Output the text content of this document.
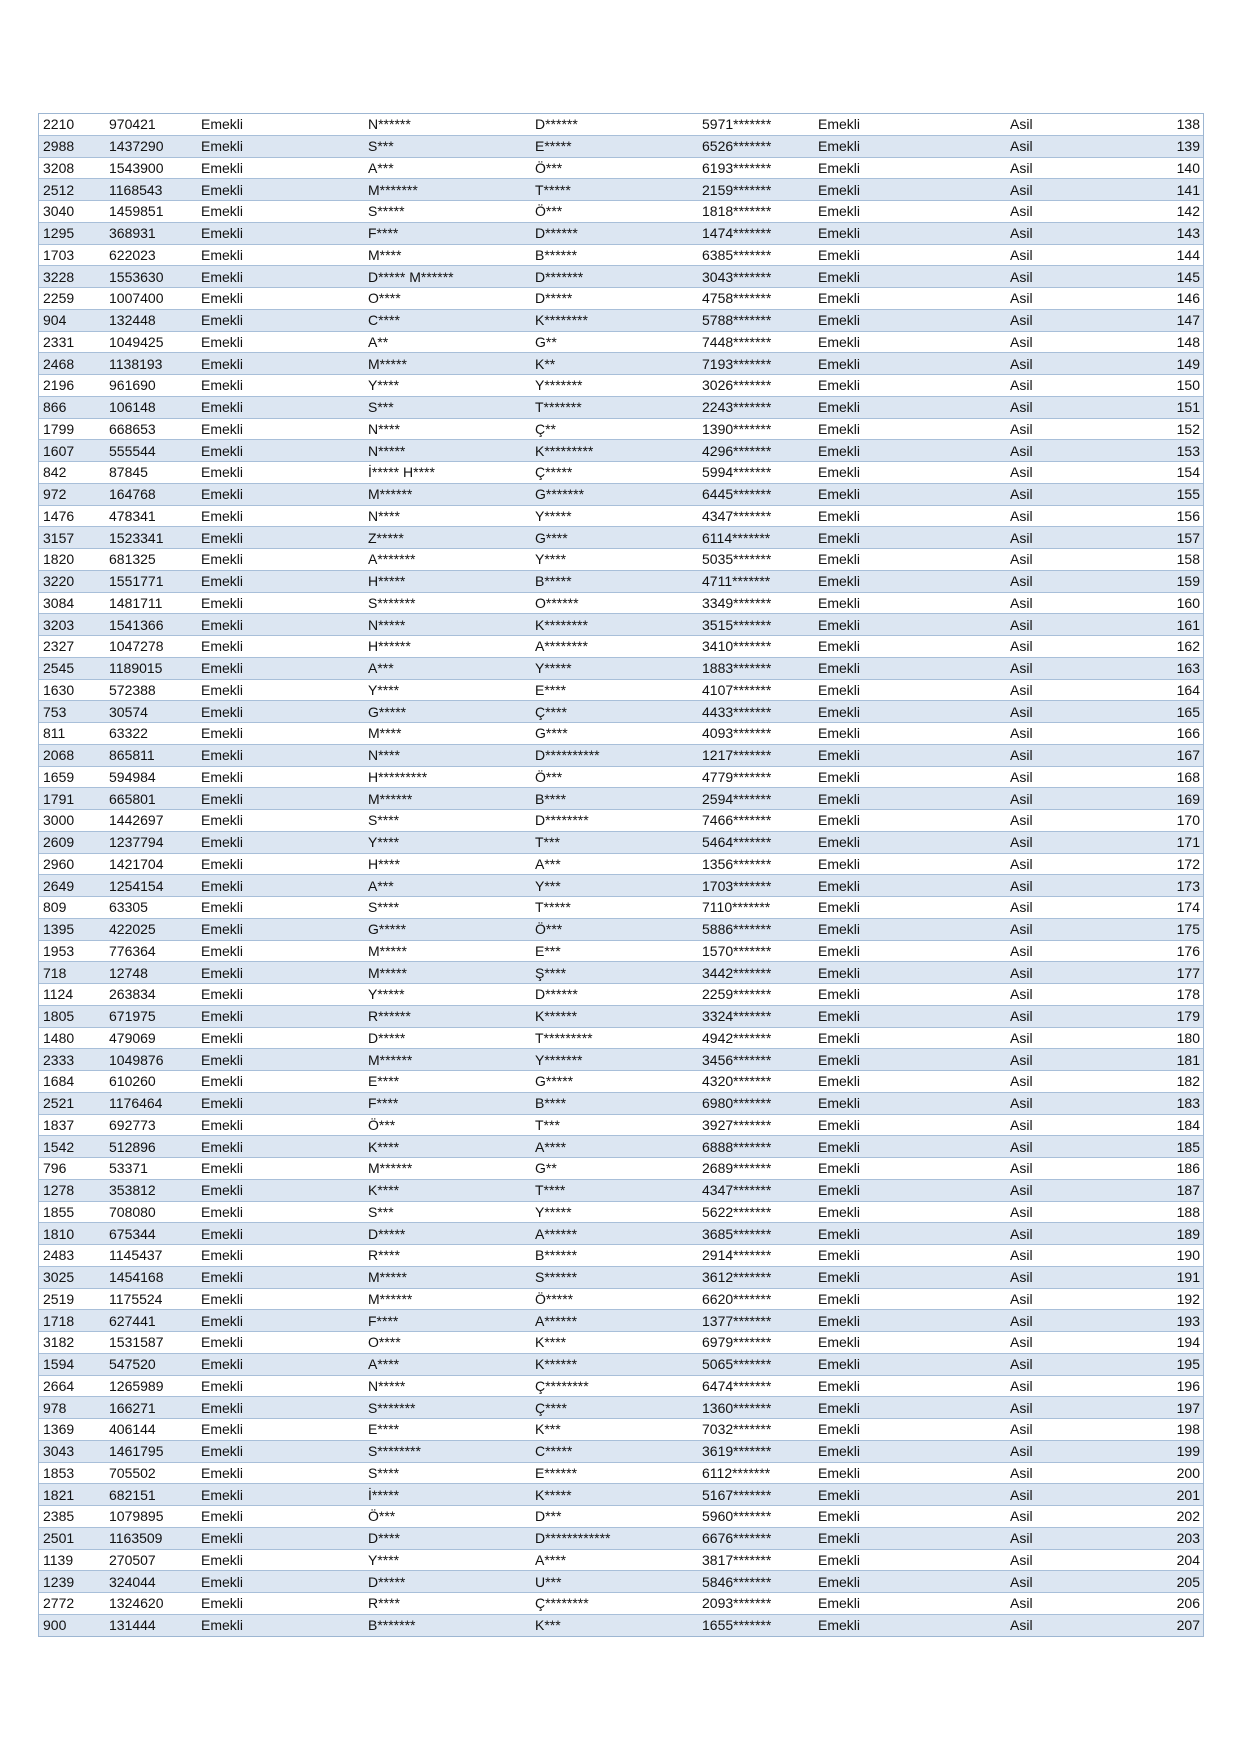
2210	970421	Emekli	N******	D******	5971*******	Emekli	Asil	138
2988	1437290	Emekli	S***	E*****	6526*******	Emekli	Asil	139
3208	1543900	Emekli	A***	Ö***	6193*******	Emekli	Asil	140
2512	1168543	Emekli	M*******	T*****	2159*******	Emekli	Asil	141
3040	1459851	Emekli	S*****	Ö***	1818*******	Emekli	Asil	142
1295	368931	Emekli	F****	D******	1474*******	Emekli	Asil	143
1703	622023	Emekli	M****	B******	6385*******	Emekli	Asil	144
3228	1553630	Emekli	D***** M******	D*******	3043*******	Emekli	Asil	145
2259	1007400	Emekli	O****	D*****	4758*******	Emekli	Asil	146
904	132448	Emekli	C****	K********	5788*******	Emekli	Asil	147
2331	1049425	Emekli	A**	G**	7448*******	Emekli	Asil	148
2468	1138193	Emekli	M*****	K**	7193*******	Emekli	Asil	149
2196	961690	Emekli	Y****	Y*******	3026*******	Emekli	Asil	150
866	106148	Emekli	S***	T*******	2243*******	Emekli	Asil	151
1799	668653	Emekli	N****	Ç**	1390*******	Emekli	Asil	152
1607	555544	Emekli	N*****	K*********	4296*******	Emekli	Asil	153
842	87845	Emekli	İ***** H****	Ç*****	5994*******	Emekli	Asil	154
972	164768	Emekli	M******	G*******	6445*******	Emekli	Asil	155
1476	478341	Emekli	N****	Y*****	4347*******	Emekli	Asil	156
3157	1523341	Emekli	Z*****	G****	6114*******	Emekli	Asil	157
1820	681325	Emekli	A*******	Y****	5035*******	Emekli	Asil	158
3220	1551771	Emekli	H*****	B*****	4711*******	Emekli	Asil	159
3084	1481711	Emekli	S*******	O******	3349*******	Emekli	Asil	160
3203	1541366	Emekli	N*****	K********	3515*******	Emekli	Asil	161
2327	1047278	Emekli	H******	A********	3410*******	Emekli	Asil	162
2545	1189015	Emekli	A***	Y*****	1883*******	Emekli	Asil	163
1630	572388	Emekli	Y****	E****	4107*******	Emekli	Asil	164
753	30574	Emekli	G*****	Ç****	4433*******	Emekli	Asil	165
811	63322	Emekli	M****	G****	4093*******	Emekli	Asil	166
2068	865811	Emekli	N****	D**********	1217*******	Emekli	Asil	167
1659	594984	Emekli	H*********	Ö***	4779*******	Emekli	Asil	168
1791	665801	Emekli	M******	B****	2594*******	Emekli	Asil	169
3000	1442697	Emekli	S****	D********	7466*******	Emekli	Asil	170
2609	1237794	Emekli	Y****	T***	5464*******	Emekli	Asil	171
2960	1421704	Emekli	H****	A***	1356*******	Emekli	Asil	172
2649	1254154	Emekli	A***	Y***	1703*******	Emekli	Asil	173
809	63305	Emekli	S****	T*****	7110*******	Emekli	Asil	174
1395	422025	Emekli	G*****	Ö***	5886*******	Emekli	Asil	175
1953	776364	Emekli	M*****	E***	1570*******	Emekli	Asil	176
718	12748	Emekli	M*****	Ş****	3442*******	Emekli	Asil	177
1124	263834	Emekli	Y*****	D******	2259*******	Emekli	Asil	178
1805	671975	Emekli	R******	K******	3324*******	Emekli	Asil	179
1480	479069	Emekli	D*****	T*********	4942*******	Emekli	Asil	180
2333	1049876	Emekli	M******	Y*******	3456*******	Emekli	Asil	181
1684	610260	Emekli	E****	G*****	4320*******	Emekli	Asil	182
2521	1176464	Emekli	F****	B****	6980*******	Emekli	Asil	183
1837	692773	Emekli	Ö***	T***	3927*******	Emekli	Asil	184
1542	512896	Emekli	K****	A****	6888*******	Emekli	Asil	185
796	53371	Emekli	M******	G**	2689*******	Emekli	Asil	186
1278	353812	Emekli	K****	T****	4347*******	Emekli	Asil	187
1855	708080	Emekli	S***	Y*****	5622*******	Emekli	Asil	188
1810	675344	Emekli	D*****	A******	3685*******	Emekli	Asil	189
2483	1145437	Emekli	R****	B******	2914*******	Emekli	Asil	190
3025	1454168	Emekli	M*****	S******	3612*******	Emekli	Asil	191
2519	1175524	Emekli	M******	Ö*****	6620*******	Emekli	Asil	192
1718	627441	Emekli	F****	A******	1377*******	Emekli	Asil	193
3182	1531587	Emekli	O****	K****	6979*******	Emekli	Asil	194
1594	547520	Emekli	A****	K******	5065*******	Emekli	Asil	195
2664	1265989	Emekli	N*****	Ç********	6474*******	Emekli	Asil	196
978	166271	Emekli	S*******	Ç****	1360*******	Emekli	Asil	197
1369	406144	Emekli	E****	K***	7032*******	Emekli	Asil	198
3043	1461795	Emekli	S********	C*****	3619*******	Emekli	Asil	199
1853	705502	Emekli	S****	E******	6112*******	Emekli	Asil	200
1821	682151	Emekli	İ*****	K*****	5167*******	Emekli	Asil	201
2385	1079895	Emekli	Ö***	D***	5960*******	Emekli	Asil	202
2501	1163509	Emekli	D****	D************	6676*******	Emekli	Asil	203
1139	270507	Emekli	Y****	A****	3817*******	Emekli	Asil	204
1239	324044	Emekli	D*****	U***	5846*******	Emekli	Asil	205
2772	1324620	Emekli	R****	Ç********	2093*******	Emekli	Asil	206
900	131444	Emekli	B*******	K***	1655*******	Emekli	Asil	207
